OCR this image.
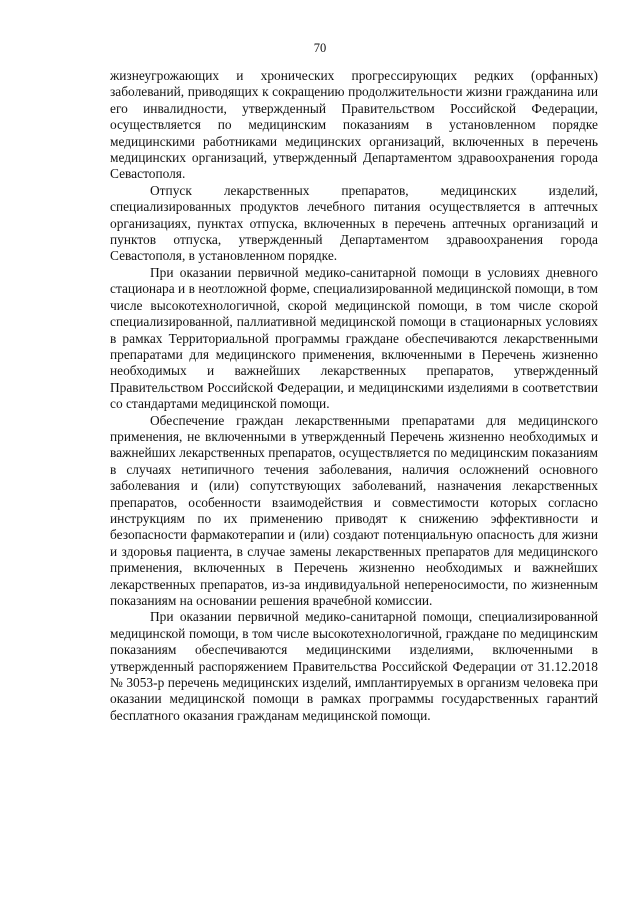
70

жизнеугрожающих и хронических прогрессирующих редких (орфанных) заболеваний, приводящих к сокращению продолжительности жизни гражданина или его инвалидности, утвержденный Правительством Российской Федерации, осуществляется по медицинским показаниям в установленном порядке медицинскими работниками медицинских организаций, включенных в перечень медицинских организаций, утвержденный Департаментом здравоохранения города Севастополя.

Отпуск лекарственных препаратов, медицинских изделий, специализированных продуктов лечебного питания осуществляется в аптечных организациях, пунктах отпуска, включенных в перечень аптечных организаций и пунктов отпуска, утвержденный Департаментом здравоохранения города Севастополя, в установленном порядке.

При оказании первичной медико-санитарной помощи в условиях дневного стационара и в неотложной форме, специализированной медицинской помощи, в том числе высокотехнологичной, скорой медицинской помощи, в том числе скорой специализированной, паллиативной медицинской помощи в стационарных условиях в рамках Территориальной программы граждане обеспечиваются лекарственными препаратами для медицинского применения, включенными в Перечень жизненно необходимых и важнейших лекарственных препаратов, утвержденный Правительством Российской Федерации, и медицинскими изделиями в соответствии со стандартами медицинской помощи.

Обеспечение граждан лекарственными препаратами для медицинского применения, не включенными в утвержденный Перечень жизненно необходимых и важнейших лекарственных препаратов, осуществляется по медицинским показаниям в случаях нетипичного течения заболевания, наличия осложнений основного заболевания и (или) сопутствующих заболеваний, назначения лекарственных препаратов, особенности взаимодействия и совместимости которых согласно инструкциям по их применению приводят к снижению эффективности и безопасности фармакотерапии и (или) создают потенциальную опасность для жизни и здоровья пациента, в случае замены лекарственных препаратов для медицинского применения, включенных в Перечень жизненно необходимых и важнейших лекарственных препаратов, из-за индивидуальной непереносимости, по жизненным показаниям на основании решения врачебной комиссии.

При оказании первичной медико-санитарной помощи, специализированной медицинской помощи, в том числе высокотехнологичной, граждане по медицинским показаниям обеспечиваются медицинскими изделиями, включенными в утвержденный распоряжением Правительства Российской Федерации от 31.12.2018 № 3053-р перечень медицинских изделий, имплантируемых в организм человека при оказании медицинской помощи в рамках программы государственных гарантий бесплатного оказания гражданам медицинской помощи.
